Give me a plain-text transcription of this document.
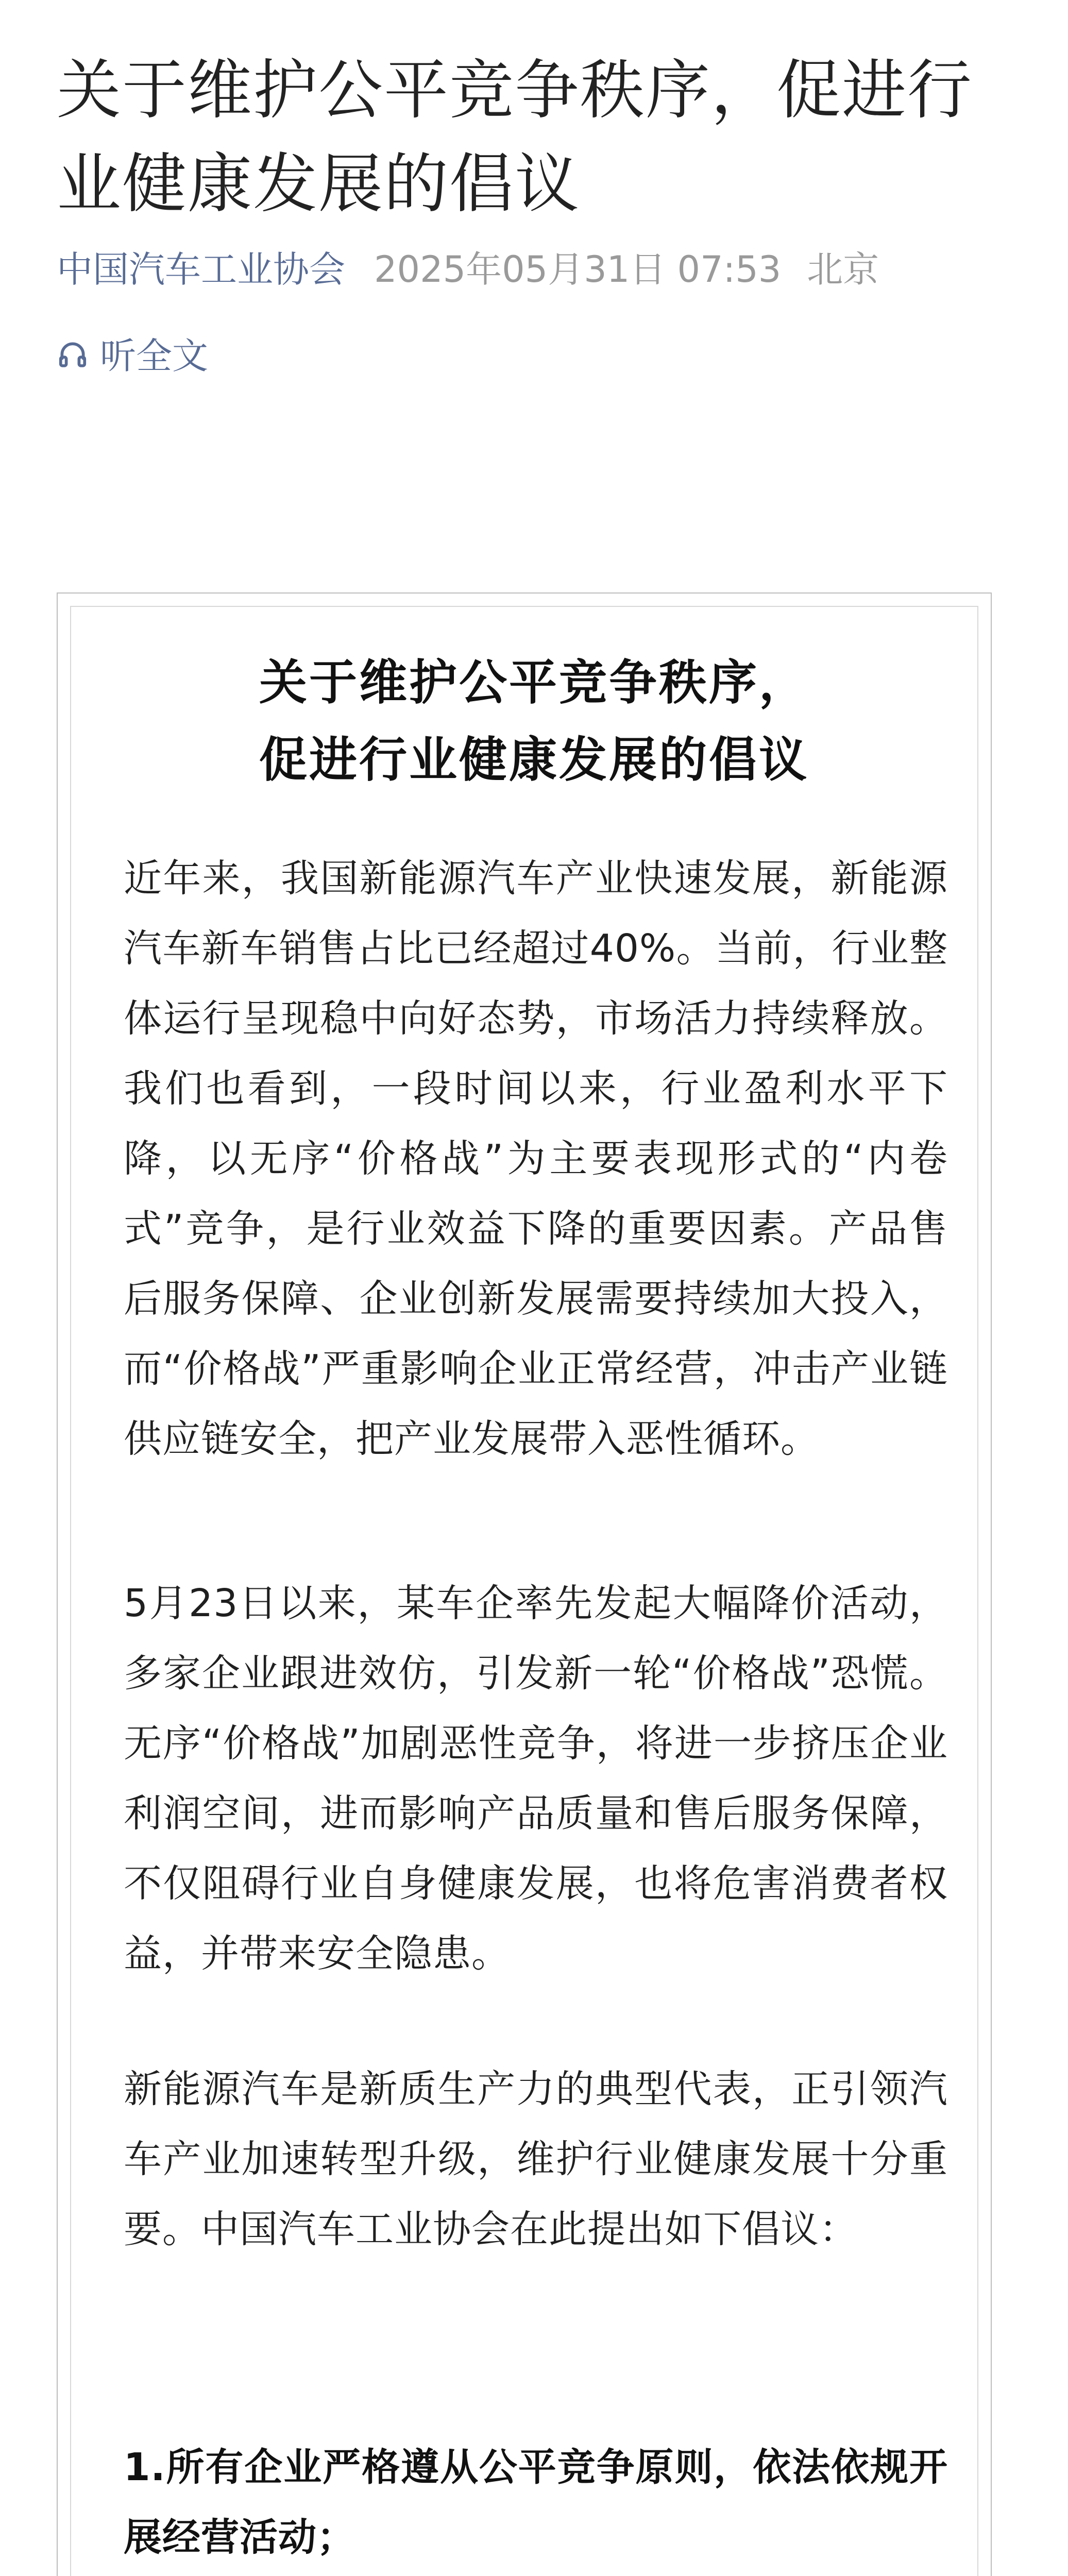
关于维护公平竞争秩序，促进行业健康发展的倡议
中国汽车工业协会 2025年05月31日 07:53 北京
听全文
关于维护公平竞争秩序，
促进行业健康发展的倡议

近年来，我国新能源汽车产业快速发展，新能源汽车新车销售占比已经超过40%。当前，行业整体运行呈现稳中向好态势，市场活力持续释放。我们也看到，一段时间以来，行业盈利水平下降，以无序“价格战”为主要表现形式的“内卷式”竞争，是行业效益下降的重要因素。产品售后服务保障、企业创新发展需要持续加大投入，而“价格战”严重影响企业正常经营，冲击产业链供应链安全，把产业发展带入恶性循环。

5月23日以来，某车企率先发起大幅降价活动，多家企业跟进效仿，引发新一轮“价格战”恐慌。无序“价格战”加剧恶性竞争，将进一步挤压企业利润空间，进而影响产品质量和售后服务保障，不仅阻碍行业自身健康发展，也将危害消费者权益，并带来安全隐患。

新能源汽车是新质生产力的典型代表，正引领汽车产业加速转型升级，维护行业健康发展十分重要。中国汽车工业协会在此提出如下倡议：

1.所有企业严格遵从公平竞争原则，依法依规开展经营活动；
